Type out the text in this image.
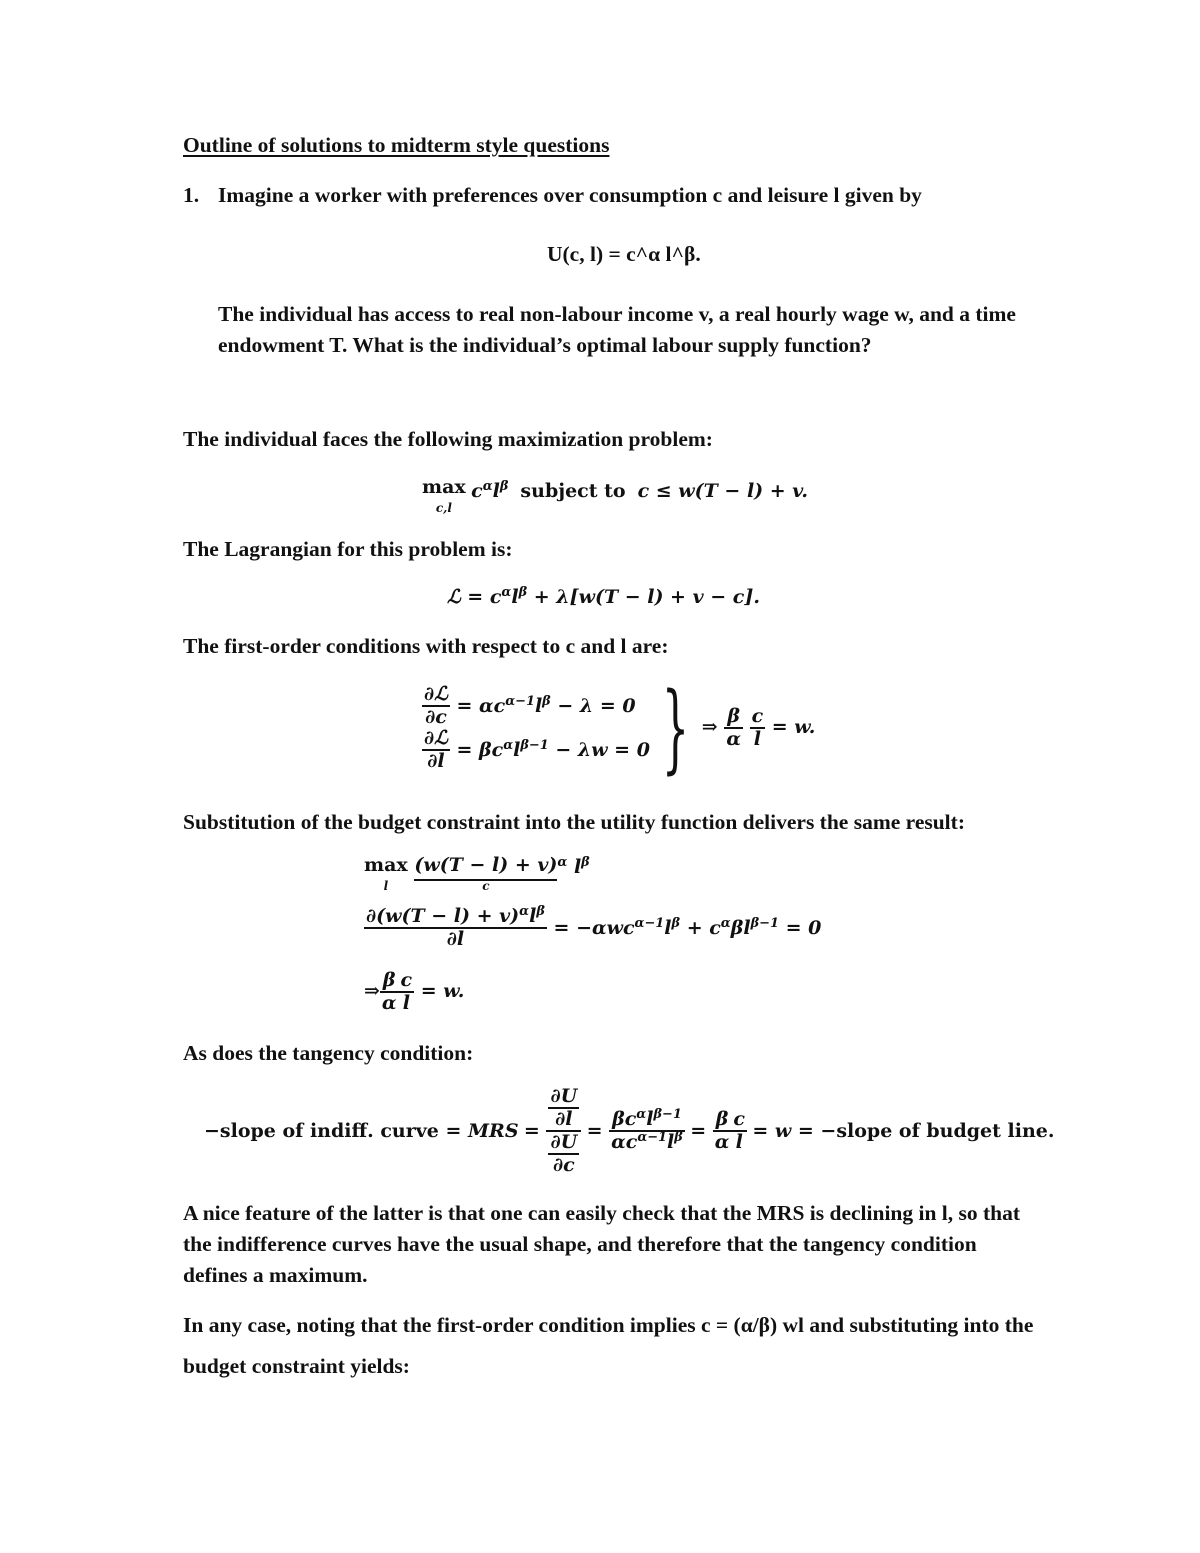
Outline of solutions to midterm style questions
1. Imagine a worker with preferences over consumption c and leisure l given by
U(c, l) = c^α l^β.
The individual has access to real non-labour income v, a real hourly wage w, and a time
endowment T. What is the individual’s optimal labour supply function?
The individual faces the following maximization problem:
max
c,l $c^\alpha l^\beta$  subject to  c ≤ w(T − l) + v.
The Lagrangian for this problem is:
ℒ = $c^\alpha l^\beta + \lambda[w(T - l) + v - c]$.
The first-order conditions with respect to c and l are:
$\frac{\text{∂ℒ}}{\partial c} = \alpha c^{\alpha-1}l^\beta - \lambda = 0$
$\frac{\text{∂ℒ}}{\partial l} = \beta c^\alpha l^{\beta-1} - \lambda w = 0$ } ⇒ $\frac{\beta}{\alpha}$
$\frac{c}{l} = w$.
Substitution of the budget constraint into the utility function delivers the same result:
max
l (w(T − l) + v)
$c^\alpha$ $l^\beta$
$\frac{\partial(w(T - l) + v)^\alpha l^\beta}{\partial l} = -\alpha wc^{\alpha-1}l^\beta + c^\alpha\beta l^{\beta-1} = 0$
⇒ $\frac{\beta}{\alpha} \frac{c}{l} = w$.
As does the tangency condition:
−slope of indiff. curve = MRS = $\frac{\frac{\partial U}{\partial l}}{\frac{\partial U}{\partial c}} = \frac{\beta c^\alpha l^{\beta-1}}{\alpha c^{\alpha-1}l^\beta} = \frac{\beta}{\alpha} \frac{c}{l} = w$ = −slope of budget line.
A nice feature of the latter is that one can easily check that the MRS is declining in l, so that
the indifference curves have the usual shape, and therefore that the tangency condition
defines a maximum.
In any case, noting that the first-order condition implies c = (α/β) wl and substituting into the
budget constraint yields:
